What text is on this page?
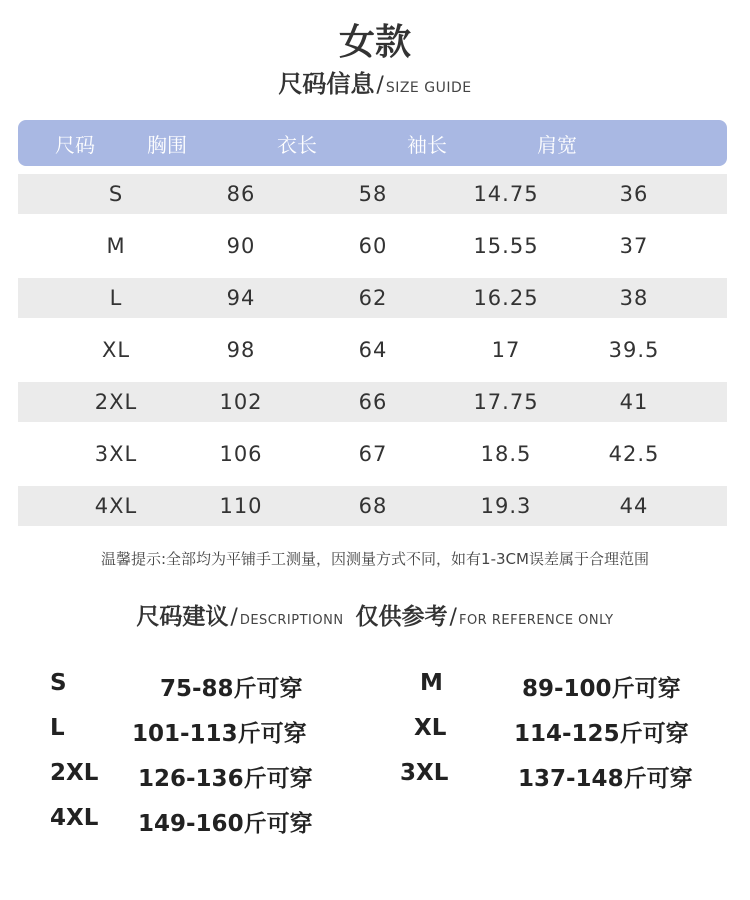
女款
尺码信息/ SIZE GUIDE
尺码	胸围	衣长	袖长	肩宽
S	86	58	14.75	36
M	90	60	15.55	37
L	94	62	16.25	38
XL	98	64	17	39.5
2XL	102	66	17.75	41
3XL	106	67	18.5	42.5
4XL	110	68	19.3	44
温馨提示:全部均为平铺手工测量，因测量方式不同，如有1-3CM误差属于合理范围
尺码建议/ DESCRIPTIONN 仅供参考/ FOR REFERENCE ONLY
S	75-88斤可穿	M	89-100斤可穿
L	101-113斤可穿	XL	114-125斤可穿
2XL 126-136斤可穿	3XL	137-148斤可穿
4XL 149-160斤可穿
